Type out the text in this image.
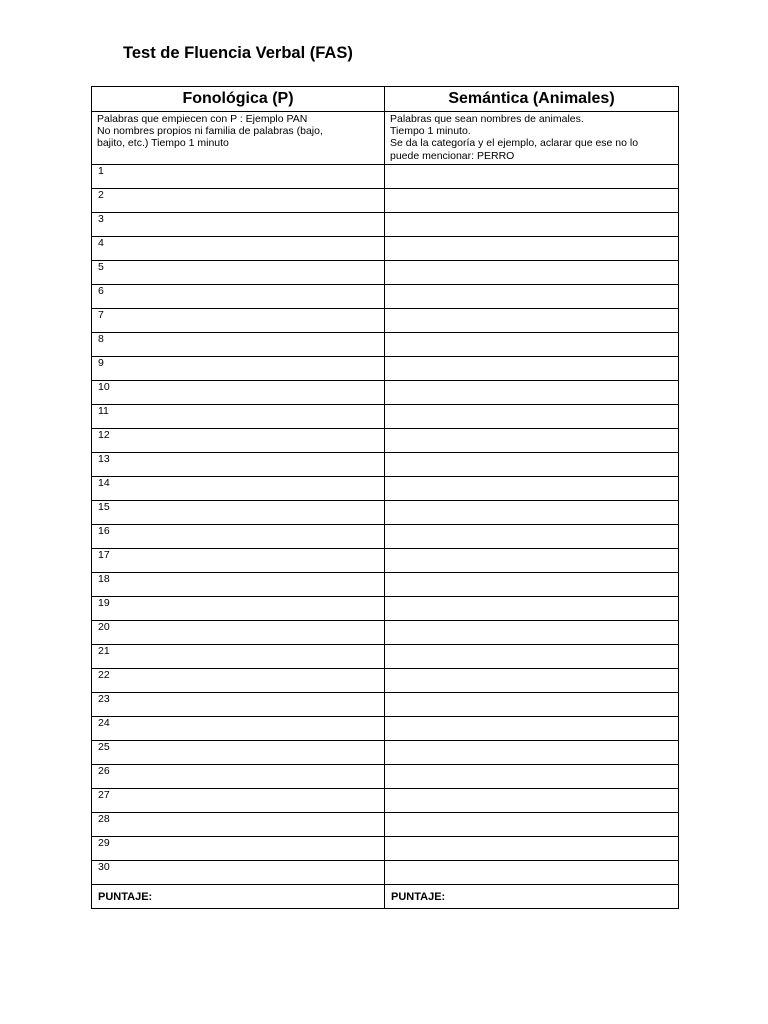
Test de Fluencia Verbal (FAS)
Fonológica (P)	Semántica (Animales)

Palabras que empiecen con P : Ejemplo PAN
No nombres propios ni familia de palabras (bajo,
bajito, etc.) Tiempo 1 minuto	Palabras que sean nombres de animales.
Tiempo 1 minuto.
Se da la categoría y el ejemplo, aclarar que ese no lo
puede mencionar: PERRO

1	

2	

3	

4	

5	

6	

7	

8	

9	

10	

11	

12	

13	

14	

15	

16	

17	

18	

19	

20	

21	

22	

23	

24	

25	

26	

27	

28	

29	

30	

PUNTAJE:	PUNTAJE:
